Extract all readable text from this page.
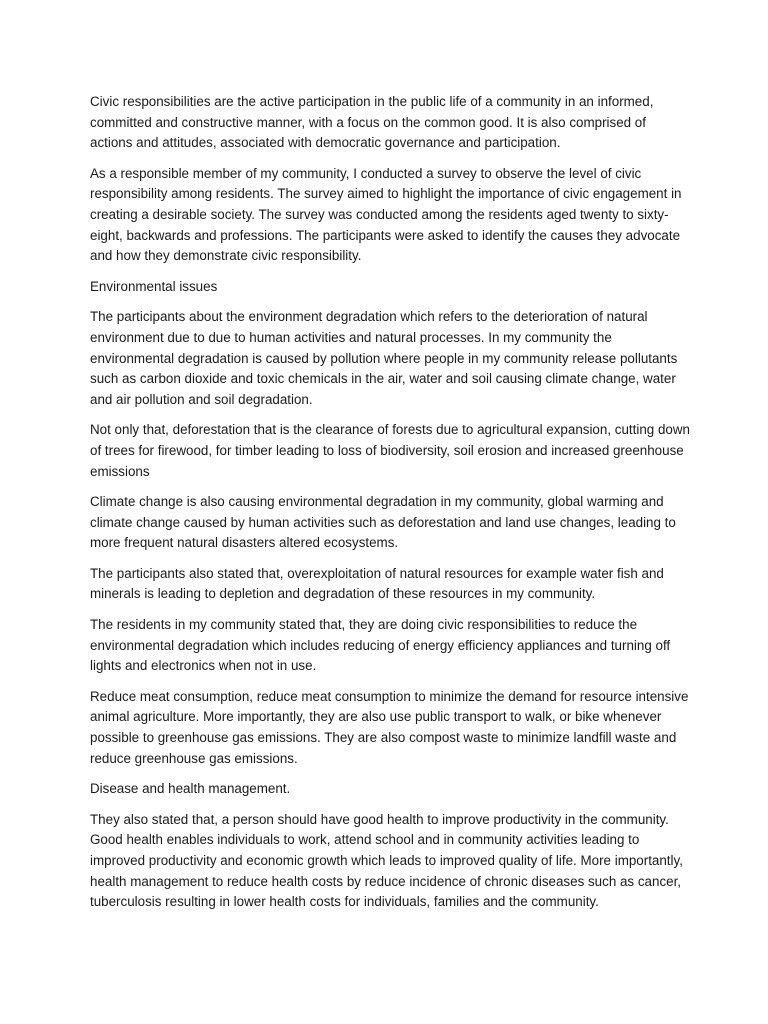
Civic responsibilities are the active participation in the public life of a community in an informed, committed and constructive manner, with a focus on the common good. It is also comprised of actions and attitudes, associated with democratic governance and participation.

As a responsible member of my community, I conducted a survey to observe the level of civic responsibility among residents. The survey aimed to highlight the importance of civic engagement in creating a desirable society. The survey was conducted among the residents aged twenty to sixty-eight, backwards and professions. The participants were asked to identify the causes they advocate and how they demonstrate civic responsibility.

Environmental issues

The participants about the environment degradation which refers to the deterioration of natural environment due to due to human activities and natural processes. In my community the environmental degradation is caused by pollution where people in my community release pollutants such as carbon dioxide and toxic chemicals in the air, water and soil causing climate change, water and air pollution and soil degradation.

Not only that, deforestation that is the clearance of forests due to agricultural expansion, cutting down of trees for firewood, for timber leading to loss of biodiversity, soil erosion and increased greenhouse emissions

Climate change is also causing environmental degradation in my community, global warming and climate change caused by human activities such as deforestation and land use changes, leading to more frequent natural disasters altered ecosystems.

The participants also stated that, overexploitation of natural resources for example water fish and minerals is leading to depletion and degradation of these resources in my community.

The residents in my community stated that, they are doing civic responsibilities to reduce the environmental degradation which includes reducing of energy efficiency appliances and turning off lights and electronics when not in use.

Reduce meat consumption, reduce meat consumption to minimize the demand for resource intensive animal agriculture. More importantly, they are also use public transport to walk, or bike whenever possible to greenhouse gas emissions. They are also compost waste to minimize landfill waste and reduce greenhouse gas emissions.

Disease and health management.

They also stated that, a person should have good health to improve productivity in the community. Good health enables individuals to work, attend school and in community activities leading to improved productivity and economic growth which leads to improved quality of life. More importantly, health management to reduce health costs by reduce incidence of chronic diseases such as cancer, tuberculosis resulting in lower health costs for individuals, families and the community.
